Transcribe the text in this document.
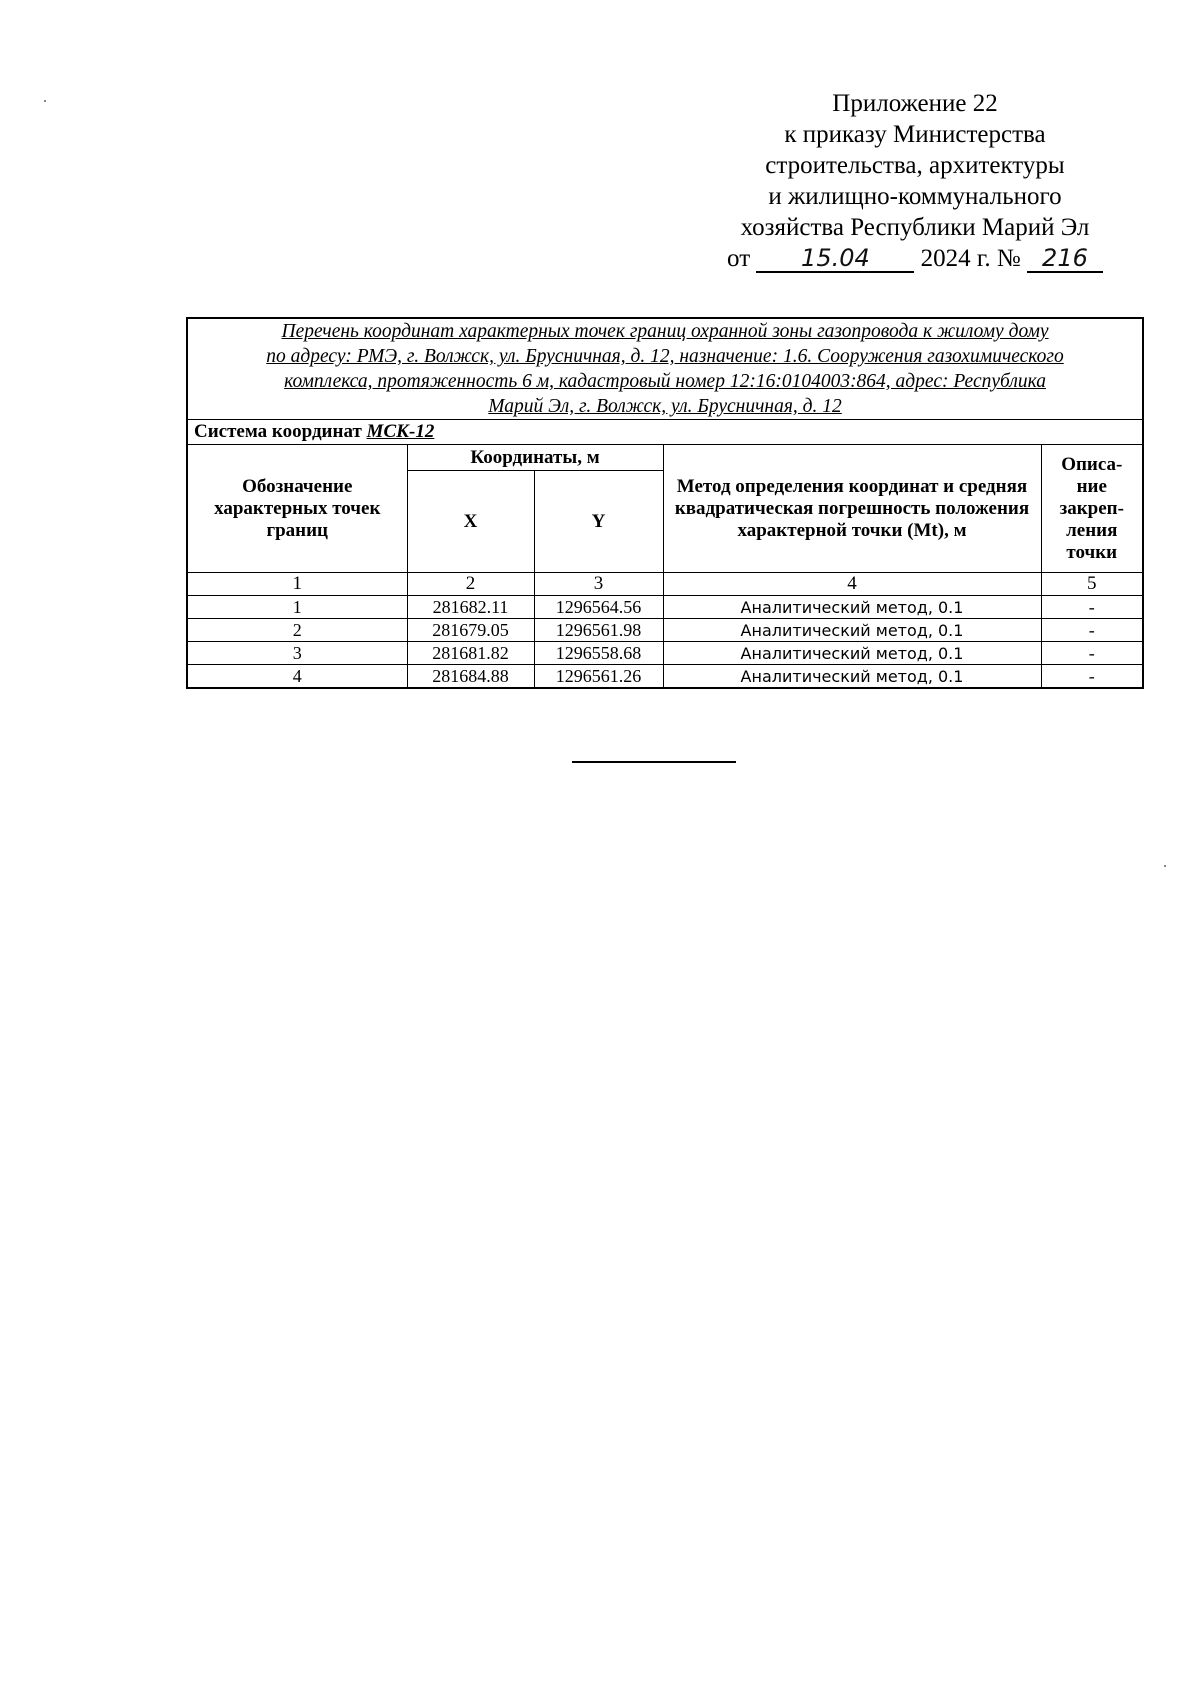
Приложение 22
к приказу Министерства
строительства, архитектуры
и жилищно-коммунального
хозяйства Республики Марий Эл
от 15.04 2024 г. № 216
Перечень координат характерных точек границ охранной зоны газопровода к жилому дому
по адресу: РМЭ, г. Волжск, ул. Брусничная, д. 12, назначение: 1.6. Сооружения газохимического
комплекса, протяженность 6 м, кадастровый номер 12:16:0104003:864, адрес: Республика
Марий Эл, г. Волжск, ул. Брусничная, д. 12				
Система координат МСК-12				
Обозначение характерных точек границ	Координаты, м		Метод определения координат и средняя квадратическая погрешность положения характерной точки (Mt), м	Описа- ние закреп- ления точки
	X	Y		
1	2	3	4	5
1	281682.11	1296564.56	Аналитический метод, 0.1	-
2	281679.05	1296561.98	Аналитический метод, 0.1	-
3	281681.82	1296558.68	Аналитический метод, 0.1	-
4	281684.88	1296561.26	Аналитический метод, 0.1	-
